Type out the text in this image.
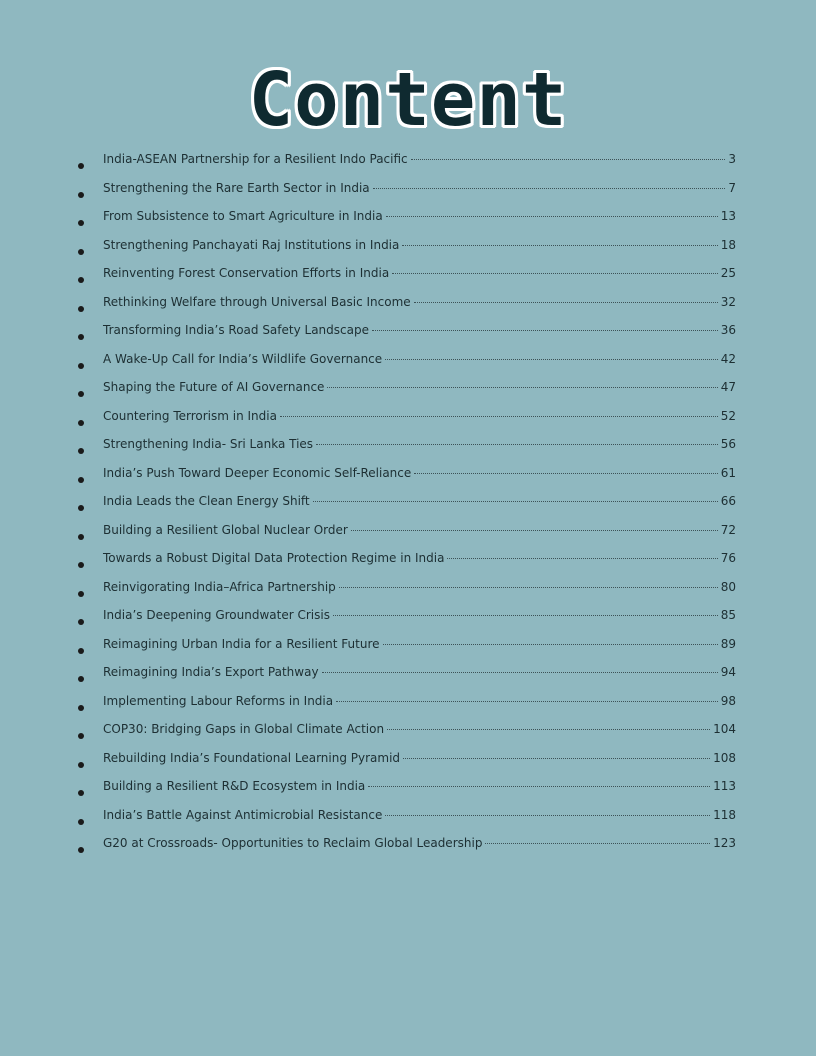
Content
India-ASEAN Partnership for a Resilient Indo Pacific	3
Strengthening the Rare Earth Sector in India	7
From Subsistence to Smart Agriculture in India	13
Strengthening Panchayati Raj Institutions in India	18
Reinventing Forest Conservation Efforts in India	25
Rethinking Welfare through Universal Basic Income	32
Transforming India’s Road Safety Landscape	36
A Wake-Up Call for India’s Wildlife Governance	42
Shaping the Future of AI Governance	47
Countering Terrorism in India	52
Strengthening India- Sri Lanka Ties	56
India’s Push Toward Deeper Economic Self-Reliance	61
India Leads the Clean Energy Shift	66
Building a Resilient Global Nuclear Order	72
Towards a Robust Digital Data Protection Regime in India	76
Reinvigorating India–Africa Partnership	80
India’s Deepening Groundwater Crisis	85
Reimagining Urban India for a Resilient Future	89
Reimagining India’s Export Pathway	94
Implementing Labour Reforms in India	98
COP30: Bridging Gaps in Global Climate Action	104
Rebuilding India’s Foundational Learning Pyramid	108
Building a Resilient R&D Ecosystem in India	113
India’s Battle Against Antimicrobial Resistance	118
G20 at Crossroads- Opportunities to Reclaim Global Leadership	123
